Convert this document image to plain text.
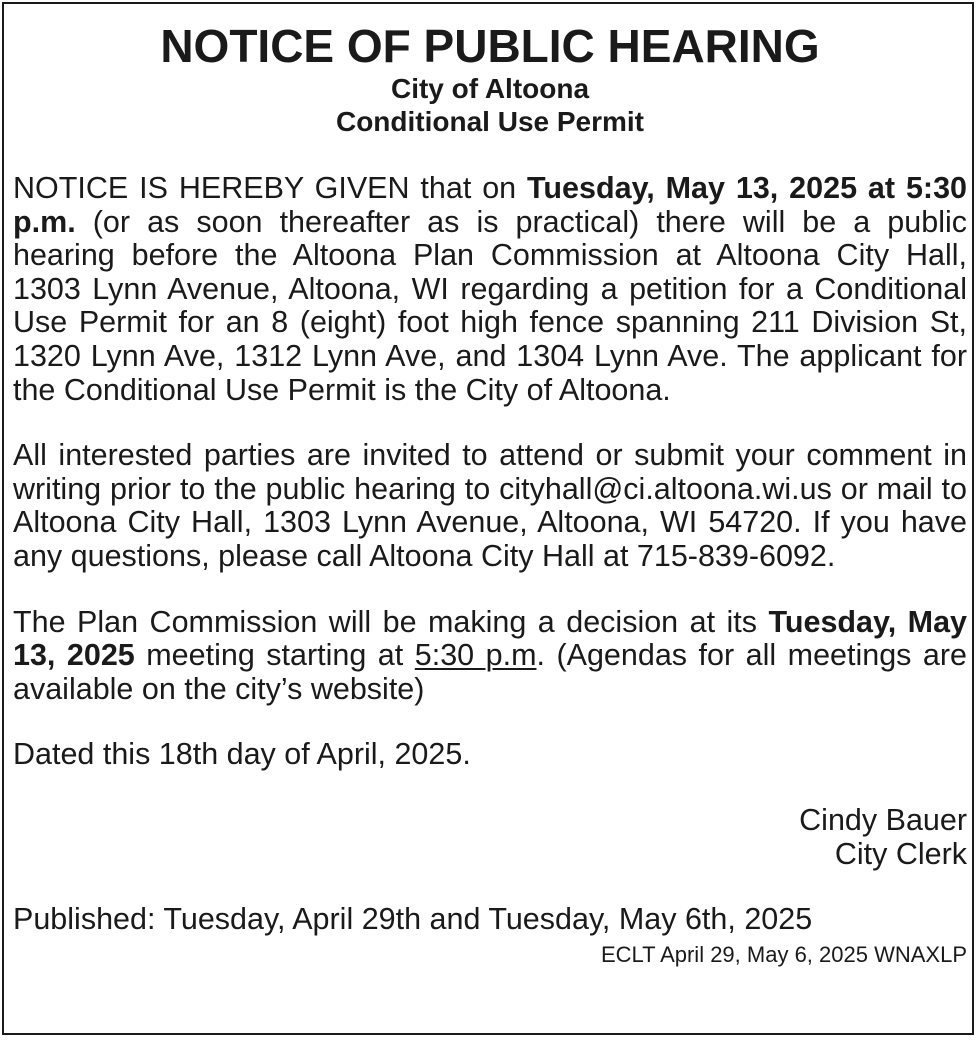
NOTICE OF PUBLIC HEARING
City of Altoona
Conditional Use Permit

NOTICE IS HEREBY GIVEN that on Tuesday, May 13, 2025 at 5:30 p.m. (or as soon thereafter as is practical) there will be a public hearing before the Altoona Plan Commission at Altoona City Hall, 1303 Lynn Avenue, Altoona, WI regarding a petition for a Conditional Use Permit for an 8 (eight) foot high fence spanning 211 Division St, 1320 Lynn Ave, 1312 Lynn Ave, and 1304 Lynn Ave. The applicant for the Conditional Use Permit is the City of Altoona.

All interested parties are invited to attend or submit your comment in writing prior to the public hearing to cityhall@ci.altoona.wi.us or mail to Altoona City Hall, 1303 Lynn Avenue, Altoona, WI 54720. If you have any questions, please call Altoona City Hall at 715-839-6092.

The Plan Commission will be making a decision at its Tuesday, May 13, 2025 meeting starting at 5:30 p.m. (Agendas for all meetings are available on the city’s website)

Dated this 18th day of April, 2025.

Cindy Bauer
City Clerk
Published: Tuesday, April 29th and Tuesday, May 6th, 2025
ECLT April 29, May 6, 2025 WNAXLP
